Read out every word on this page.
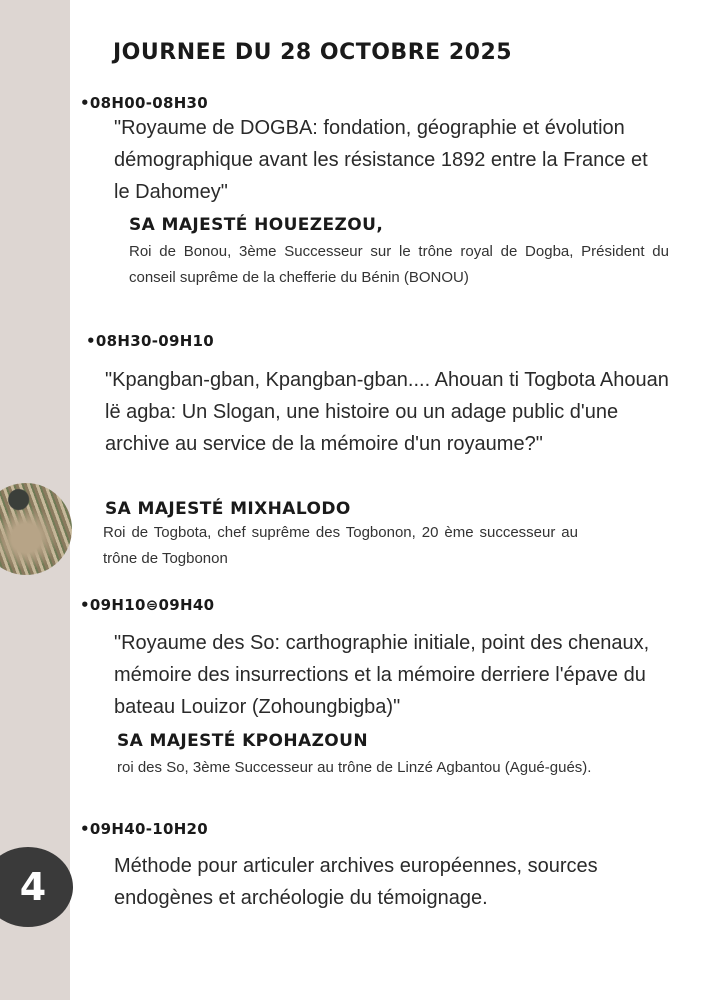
4
JOURNEE DU 28 OCTOBRE 2025
•08H00-08H30
"Royaume de DOGBA: fondation, géographie et évolution démographique avant les résistance 1892 entre la France et le Dahomey"
SA MAJESTÉ HOUEZEZOU,
Roi de Bonou, 3ème Successeur sur le trône royal de Dogba, Président du conseil suprême de la chefferie du Bénin (BONOU)
•08H30-09H10
"Kpangban-gban, Kpangban-gban.... Ahouan ti Togbota Ahouan lë agba: Un Slogan, une histoire ou un adage public d'une archive au service de la mémoire d'un royaume?"
SA MAJESTÉ MIXHALODO
Roi de Togbota, chef suprême des Togbonon, 20 ème successeur au trône de Togbonon
•09H10⊜09H40
"Royaume des So: carthographie initiale, point des chenaux, mémoire des insurrections et la mémoire derriere l'épave du bateau Louizor (Zohoungbigba)"
SA MAJESTÉ KPOHAZOUN
roi des So, 3ème Successeur au trône de Linzé Agbantou (Agué-gués).
•09H40-10H20
Méthode pour articuler archives européennes, sources endogènes et archéologie du témoignage.
